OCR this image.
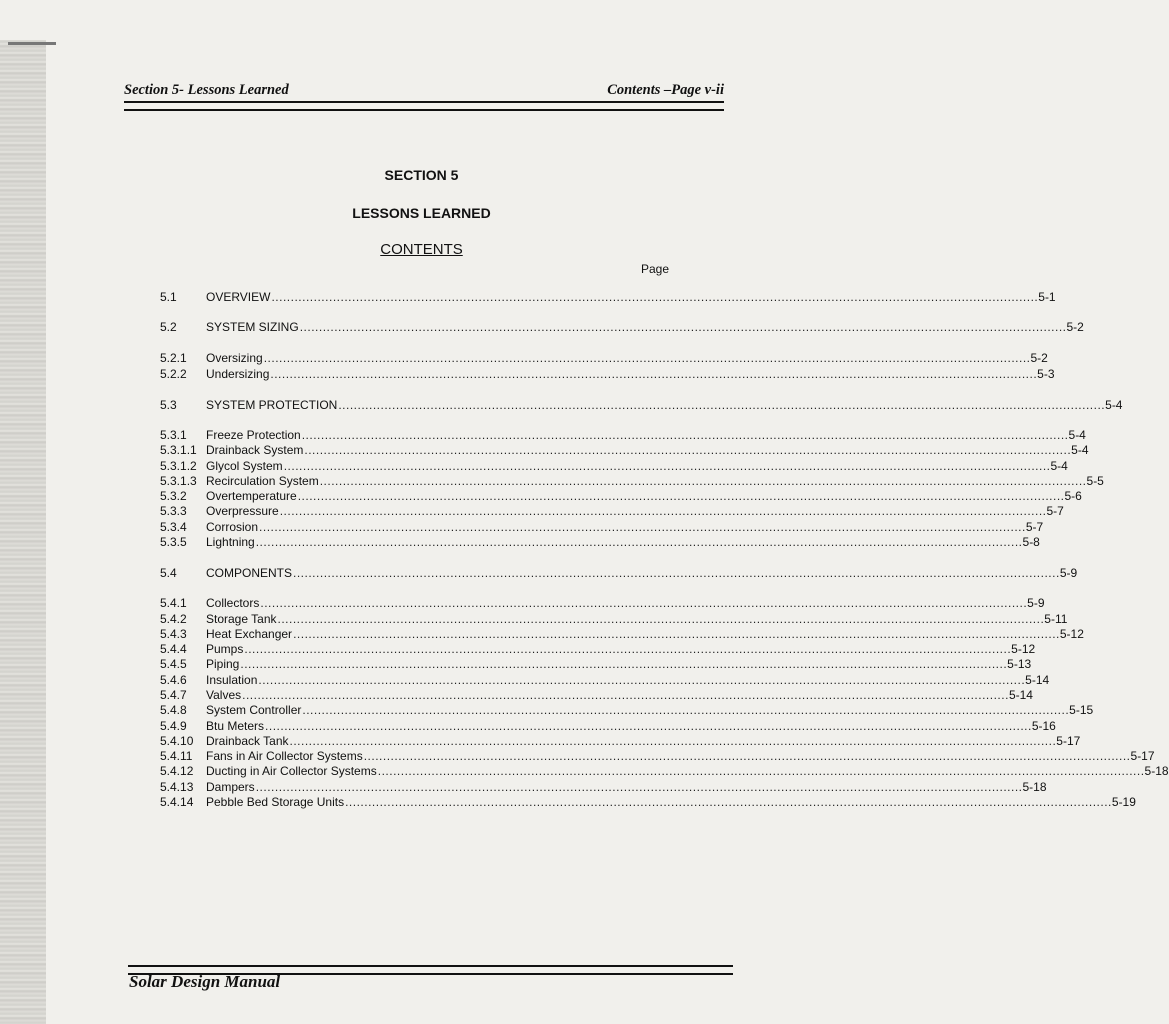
Section 5- Lessons Learned	Contents –Page v-ii
SECTION 5
LESSONS LEARNED
CONTENTS
Page
5.1	OVERVIEW ........................................................................................................................................................................................................ 5-1
5.2	SYSTEM SIZING ........................................................................................................................................................................................................ 5-2
5.2.1	Oversizing ........................................................................................................................................................................................................ 5-2
5.2.2	Undersizing ........................................................................................................................................................................................................ 5-3
5.3	SYSTEM PROTECTION ........................................................................................................................................................................................................ 5-4
5.3.1	Freeze Protection ........................................................................................................................................................................................................ 5-4
5.3.1.1 Drainback System ........................................................................................................................................................................................................ 5-4
5.3.1.2 Glycol System ........................................................................................................................................................................................................ 5-4
5.3.1.3 Recirculation System ........................................................................................................................................................................................................ 5-5
5.3.2	Overtemperature ........................................................................................................................................................................................................ 5-6
5.3.3	Overpressure ........................................................................................................................................................................................................ 5-7
5.3.4	Corrosion ........................................................................................................................................................................................................ 5-7
5.3.5	Lightning ........................................................................................................................................................................................................ 5-8
5.4	COMPONENTS ........................................................................................................................................................................................................ 5-9
5.4.1	Collectors ........................................................................................................................................................................................................ 5-9
5.4.2	Storage Tank ........................................................................................................................................................................................................ 5-11
5.4.3	Heat Exchanger ........................................................................................................................................................................................................ 5-12
5.4.4	Pumps ........................................................................................................................................................................................................ 5-12
5.4.5	Piping ........................................................................................................................................................................................................ 5-13
5.4.6	Insulation ........................................................................................................................................................................................................ 5-14
5.4.7	Valves ........................................................................................................................................................................................................ 5-14
5.4.8	System Controller ........................................................................................................................................................................................................ 5-15
5.4.9	Btu Meters ........................................................................................................................................................................................................ 5-16
5.4.10	Drainback Tank ........................................................................................................................................................................................................ 5-17
5.4.11	Fans in Air Collector Systems ........................................................................................................................................................................................................ 5-17
5.4.12	Ducting in Air Collector Systems ........................................................................................................................................................................................................ 5-18
5.4.13	Dampers ........................................................................................................................................................................................................ 5-18
5.4.14	Pebble Bed Storage Units ........................................................................................................................................................................................................ 5-19
Solar Design Manual
